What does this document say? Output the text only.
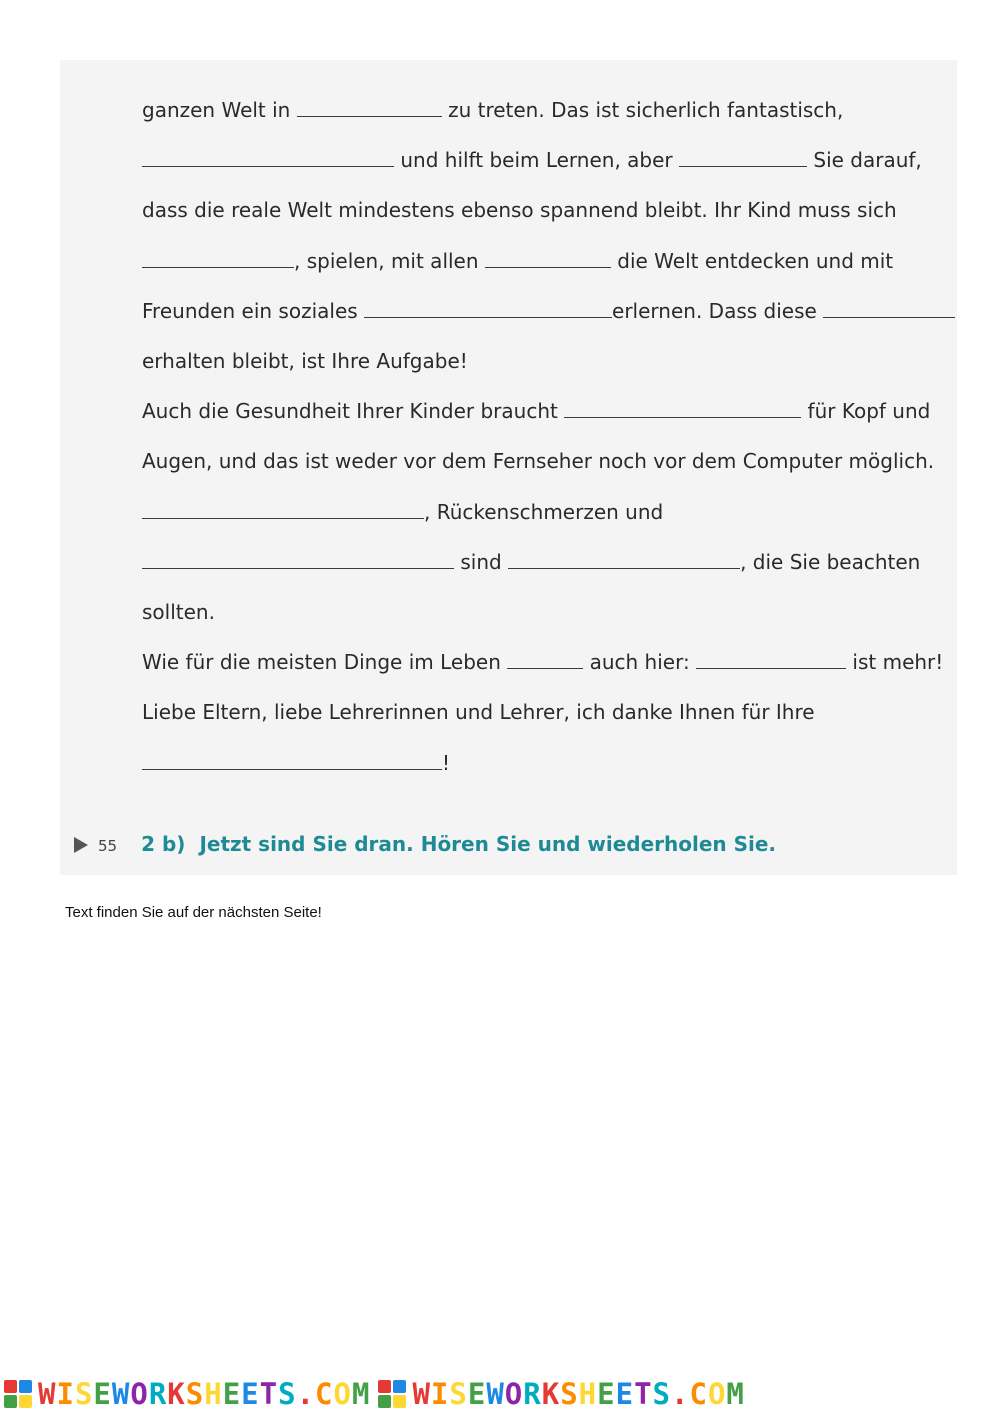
ganzen Welt in	zu treten. Das ist sicherlich fantastisch,
und hilft beim Lernen, aber	Sie darauf,
dass die reale Welt mindestens ebenso spannend bleibt. Ihr Kind muss sich
, spielen, mit allen	die Welt entdecken und mit
Freunden ein soziales	erlernen. Dass diese
erhalten bleibt, ist Ihre Aufgabe!
Auch die Gesundheit Ihrer Kinder braucht	für Kopf und
Augen, und das ist weder vor dem Fernseher noch vor dem Computer möglich.
, Rückenschmerzen und
sind	, die Sie beachten
sollten.
Wie für die meisten Dinge im Leben	auch hier:	ist mehr!
Liebe Eltern, liebe Lehrerinnen und Lehrer, ich danke Ihnen für Ihre
!
55 2 b) Jetzt sind Sie dran. Hören Sie und wiederholen Sie.
Text finden Sie auf der nächsten Seite!
WISEWORKSHEETS.COM WISEWORKSHEETS.COM
